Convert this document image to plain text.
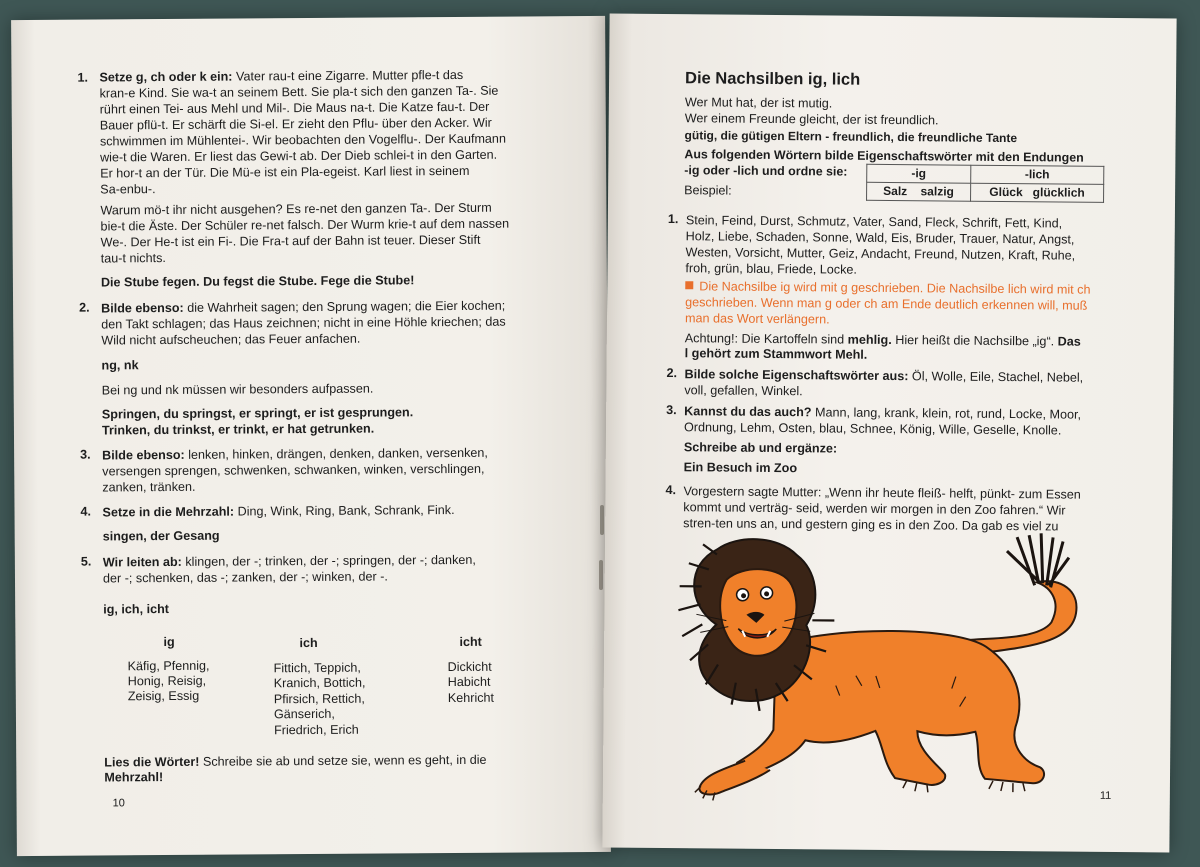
1. Setze g, ch oder k ein: Vater rau-t eine Zigarre. Mutter pfle-t das
kran-e Kind. Sie wa-t an seinem Bett. Sie pla-t sich den ganzen Ta-. Sie
rührt einen Tei- aus Mehl und Mil-. Die Maus na-t. Die Katze fau-t. Der
Bauer pflü-t. Er schärft die Si-el. Er zieht den Pflu- über den Acker. Wir
schwimmen im Mühlentei-. Wir beobachten den Vogelflu-. Der Kaufmann
wie-t die Waren. Er liest das Gewi-t ab. Der Dieb schlei-t in den Garten.
Er hor-t an der Tür. Die Mü-e ist ein Pla-egeist. Karl liest in seinem
Sa-enbu-.
Warum mö-t ihr nicht ausgehen? Es re-net den ganzen Ta-. Der Sturm
bie-t die Äste. Der Schüler re-net falsch. Der Wurm krie-t auf dem nassen
We-. Der He-t ist ein Fi-. Die Fra-t auf der Bahn ist teuer. Dieser Stift
tau-t nichts.
Die Stube fegen. Du fegst die Stube. Fege die Stube!
2. Bilde ebenso: die Wahrheit sagen; den Sprung wagen; die Eier kochen;
den Takt schlagen; das Haus zeichnen; nicht in eine Höhle kriechen; das
Wild nicht aufscheuchen; das Feuer anfachen.
ng, nk
Bei ng und nk müssen wir besonders aufpassen.
Springen, du springst, er springt, er ist gesprungen.
Trinken, du trinkst, er trinkt, er hat getrunken.
3. Bilde ebenso: lenken, hinken, drängen, denken, danken, versenken,
versengen sprengen, schwenken, schwanken, winken, verschlingen,
zanken, tränken.
4. Setze in die Mehrzahl: Ding, Wink, Ring, Bank, Schrank, Fink.
singen, der Gesang
5. Wir leiten ab: klingen, der -; trinken, der -; springen, der -; danken,
der -; schenken, das -; zanken, der -; winken, der -.
ig, ich, icht
ig
Käfig, Pfennig,
Honig, Reisig,
Zeisig, Essig
ich
Fittich, Teppich,
Kranich, Bottich,
Pfirsich, Rettich,
Gänserich,
Friedrich, Erich
icht
Dickicht
Habicht
Kehricht
Lies die Wörter! Schreibe sie ab und setze sie, wenn es geht, in die
Mehrzahl!
10
Die Nachsilben ig, lich
Wer Mut hat, der ist mutig.
Wer einem Freunde gleicht, der ist freundlich.
gütig, die gütigen Eltern - freundlich, die freundliche Tante
Aus folgenden Wörtern bilde Eigenschaftswörter mit den Endungen
-ig oder -lich und ordne sie:
Beispiel:
-ig	-lich
Salz salzig	Glück glücklich
1. Stein, Feind, Durst, Schmutz, Vater, Sand, Fleck, Schrift, Fett, Kind,
Holz, Liebe, Schaden, Sonne, Wald, Eis, Bruder, Trauer, Natur, Angst,
Westen, Vorsicht, Mutter, Geiz, Andacht, Freund, Nutzen, Kraft, Ruhe,
froh, grün, blau, Friede, Locke.
Die Nachsilbe ig wird mit g geschrieben. Die Nachsilbe lich wird mit ch
geschrieben. Wenn man g oder ch am Ende deutlich erkennen will, muß
man das Wort verlängern.
Achtung!: Die Kartoffeln sind mehlig. Hier heißt die Nachsilbe „ig“. Das
l gehört zum Stammwort Mehl.
2. Bilde solche Eigenschaftswörter aus: Öl, Wolle, Eile, Stachel, Nebel,
voll, gefallen, Winkel.
3. Kannst du das auch? Mann, lang, krank, klein, rot, rund, Locke, Moor,
Ordnung, Lehm, Osten, blau, Schnee, König, Wille, Geselle, Knolle.
Schreibe ab und ergänze:
Ein Besuch im Zoo
4. Vorgestern sagte Mutter: „Wenn ihr heute fleiß- helft, pünkt- zum Essen
kommt und verträg- seid, werden wir morgen in den Zoo fahren.“ Wir
stren-ten uns an, und gestern ging es in den Zoo. Da gab es viel zu
11
